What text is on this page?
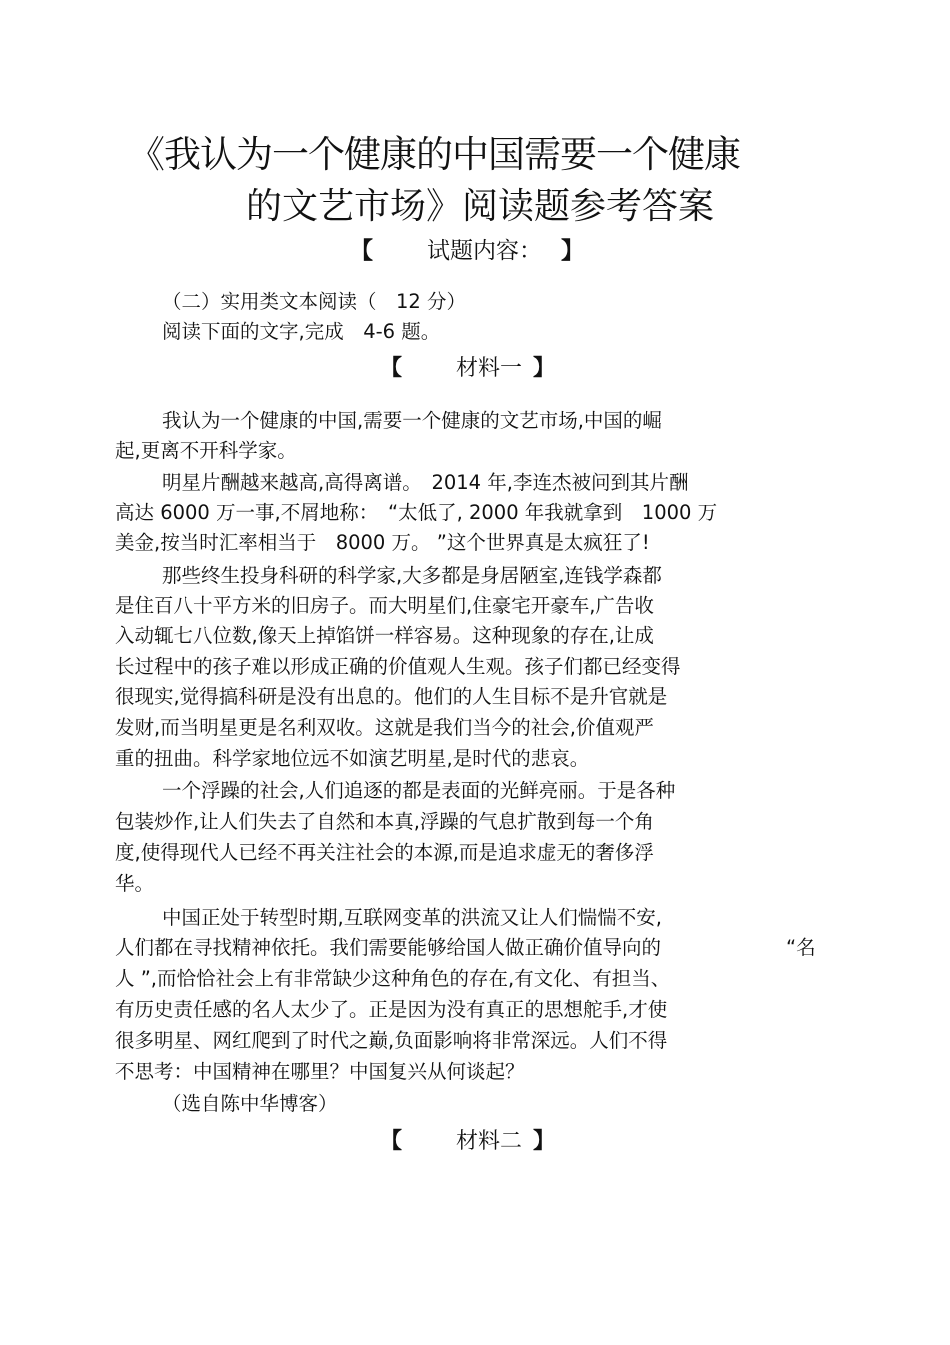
《我认为一个健康的中国需要一个健康
的文艺市场》阅读题参考答案
【 试题内容： 】
（二）实用类文本阅读（　12 分）
阅读下面的文字,完成　4-6 题。
【 材料一 】
我认为一个健康的中国,需要一个健康的文艺市场,中国的崛
起,更离不开科学家。
明星片酬越来越高,高得离谱。　2014 年,李连杰被问到其片酬
高达 6000 万一事,不屑地称：　“太低了, 2000 年我就拿到　1000 万
美金,按当时汇率相当于　8000 万。 ”这个世界真是太疯狂了!
那些终生投身科研的科学家,大多都是身居陋室,连钱学森都
是住百八十平方米的旧房子。而大明星们,住豪宅开豪车,广告收
入动辄七八位数,像天上掉馅饼一样容易。这种现象的存在,让成
长过程中的孩子难以形成正确的价值观人生观。孩子们都已经变得
很现实,觉得搞科研是没有出息的。他们的人生目标不是升官就是
发财,而当明星更是名利双收。这就是我们当今的社会,价值观严
重的扭曲。科学家地位远不如演艺明星,是时代的悲哀。
一个浮躁的社会,人们追逐的都是表面的光鲜亮丽。于是各种
包装炒作,让人们失去了自然和本真,浮躁的气息扩散到每一个角
度,使得现代人已经不再关注社会的本源,而是追求虚无的奢侈浮
华。
中国正处于转型时期,互联网变革的洪流又让人们惴惴不安,
人们都在寻找精神依托。我们需要能够给国人做正确价值导向的	“名
人 ”,而恰恰社会上有非常缺少这种角色的存在,有文化、有担当、
有历史责任感的名人太少了。正是因为没有真正的思想舵手,才使
很多明星、网红爬到了时代之巅,负面影响将非常深远。人们不得
不思考：中国精神在哪里？中国复兴从何谈起？
（选自陈中华博客）
【 材料二 】
